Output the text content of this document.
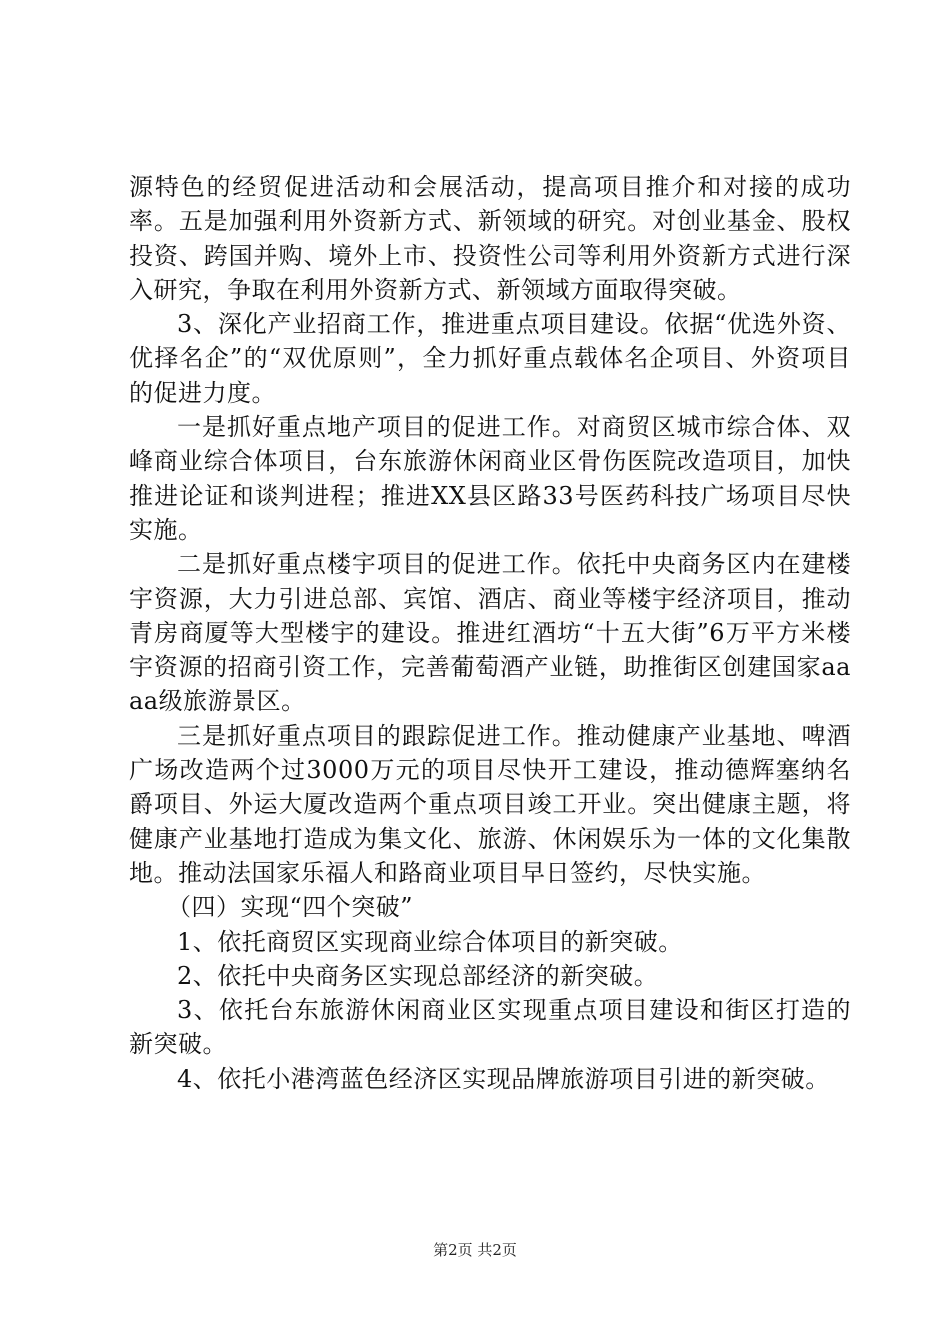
源特色的经贸促进活动和会展活动，提高项目推介和对接的成功率。五是加强利用外资新方式、新领域的研究。对创业基金、股权投资、跨国并购、境外上市、投资性公司等利用外资新方式进行深入研究，争取在利用外资新方式、新领域方面取得突破。

3、深化产业招商工作，推进重点项目建设。依据“优选外资、优择名企”的“双优原则”，全力抓好重点载体名企项目、外资项目的促进力度。

一是抓好重点地产项目的促进工作。对商贸区城市综合体、双峰商业综合体项目，台东旅游休闲商业区骨伤医院改造项目，加快推进论证和谈判进程；推进XX县区路33号医药科技广场项目尽快实施。

二是抓好重点楼宇项目的促进工作。依托中央商务区内在建楼宇资源，大力引进总部、宾馆、酒店、商业等楼宇经济项目，推动青房商厦等大型楼宇的建设。推进红酒坊“十五大街”6万平方米楼宇资源的招商引资工作，完善葡萄酒产业链，助推街区创建国家aaaa级旅游景区。

三是抓好重点项目的跟踪促进工作。推动健康产业基地、啤酒广场改造两个过3000万元的项目尽快开工建设，推动德辉塞纳名爵项目、外运大厦改造两个重点项目竣工开业。突出健康主题，将健康产业基地打造成为集文化、旅游、休闲娱乐为一体的文化集散地。推动法国家乐福人和路商业项目早日签约，尽快实施。

（四）实现“四个突破”

1、依托商贸区实现商业综合体项目的新突破。

2、依托中央商务区实现总部经济的新突破。

3、依托台东旅游休闲商业区实现重点项目建设和街区打造的新突破。

4、依托小港湾蓝色经济区实现品牌旅游项目引进的新突破。

第2页 共2页
